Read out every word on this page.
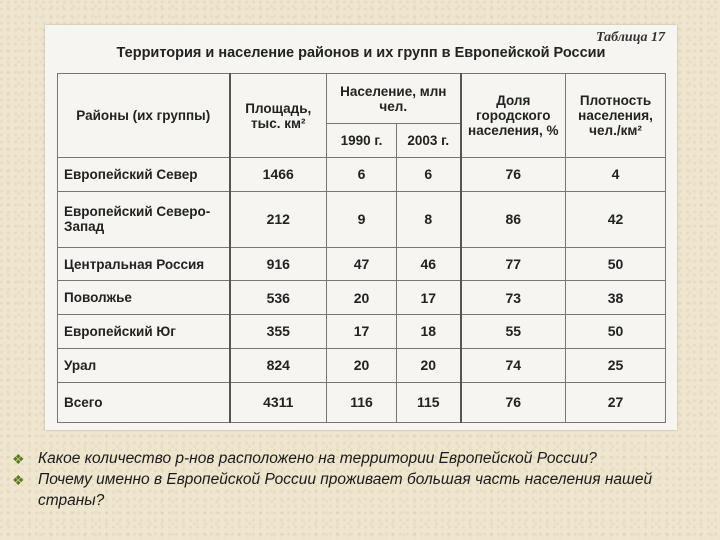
Таблица 17
Территория и население районов и их групп в Европейской России
Районы (их группы)	Площадь, тыс. км²	Население, млн чел.		Доля городского населения, %	Плотность населения, чел./км²
		1990 г.	2003 г.		
Европейский Север	1466	6	6	76	4
Европейский Северо-Запад	212	9	8	86	42
Центральная Россия	916	47	46	77	50
Поволжье	536	20	17	73	38
Европейский Юг	355	17	18	55	50
Урал	824	20	20	74	25
Всего	4311	116	115	76	27
❖ Какое количество р-нов расположено на территории Европейской России?
❖ Почему именно в Европейской России проживает большая часть населения нашей страны?
